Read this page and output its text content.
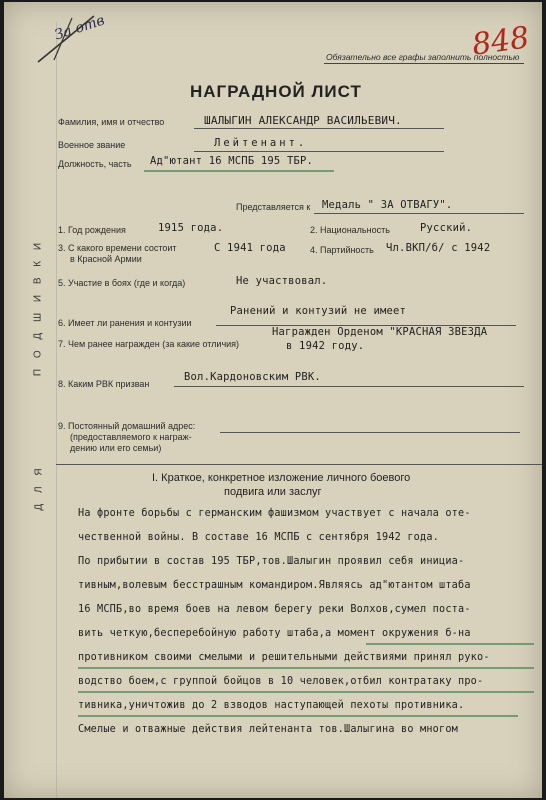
За отв
Обязательно все графы заполнить полностью
848
НАГРАДНОЙ ЛИСТ
Фамилия, имя и отчество	ШАЛЫГИН АЛЕКСАНДР ВАСИЛЬЕВИЧ.
Военное звание	Лейтенант.
Должность, часть Ад"ютант 16 МСПБ 195 ТБР.
Представляется к Медаль " ЗА ОТВАГУ".
1. Год рождения	1915 года.	2. Национальность	Русский.
3. С какого времени состоит
в Красной Армии
С 1941 года	4. Партийность Чл.ВКП/б/ с 1942
5. Участие в боях (где и когда)	Не участвовал.
6. Имеет ли ранения и контузии
Ранений и контузий не имеет
7. Чем ранее награжден (за какие отличия)
Награжден Орденом "КРАСНАЯ ЗВЕЗДА
в 1942 году.
8. Каким РВК призван
Вол.Кардоновским РВК.
9. Постоянный домашний адрес:
(предоставляемого к награж-
дению или его семьи)
П О Д Ш И В К И
Д Л Я	I. Краткое, конкретное изложение личного боевого
подвига или заслуг
На фронте борьбы с германским фашизмом участвует с начала оте-
чественной войны. В составе 16 МСПБ с сентября 1942 года.
По прибытии в состав 195 ТБР,тов.Шалыгин проявил себя инициа-
тивным,волевым бесстрашным командиром.Являясь ад"ютантом штаба
16 МСПБ,во время боев на левом берегу реки Волхов,сумел поста-
вить четкую,бесперебойную работу штаба,а момент окружения б-на
противником своими смелыми и решительными действиями принял руко-
водство боем,с группой бойцов в 10 человек,отбил контратаку про-
тивника,уничтожив до 2 взводов наступающей пехоты противника.
Смелые и отважные действия лейтенанта тов.Шалыгина во многом
